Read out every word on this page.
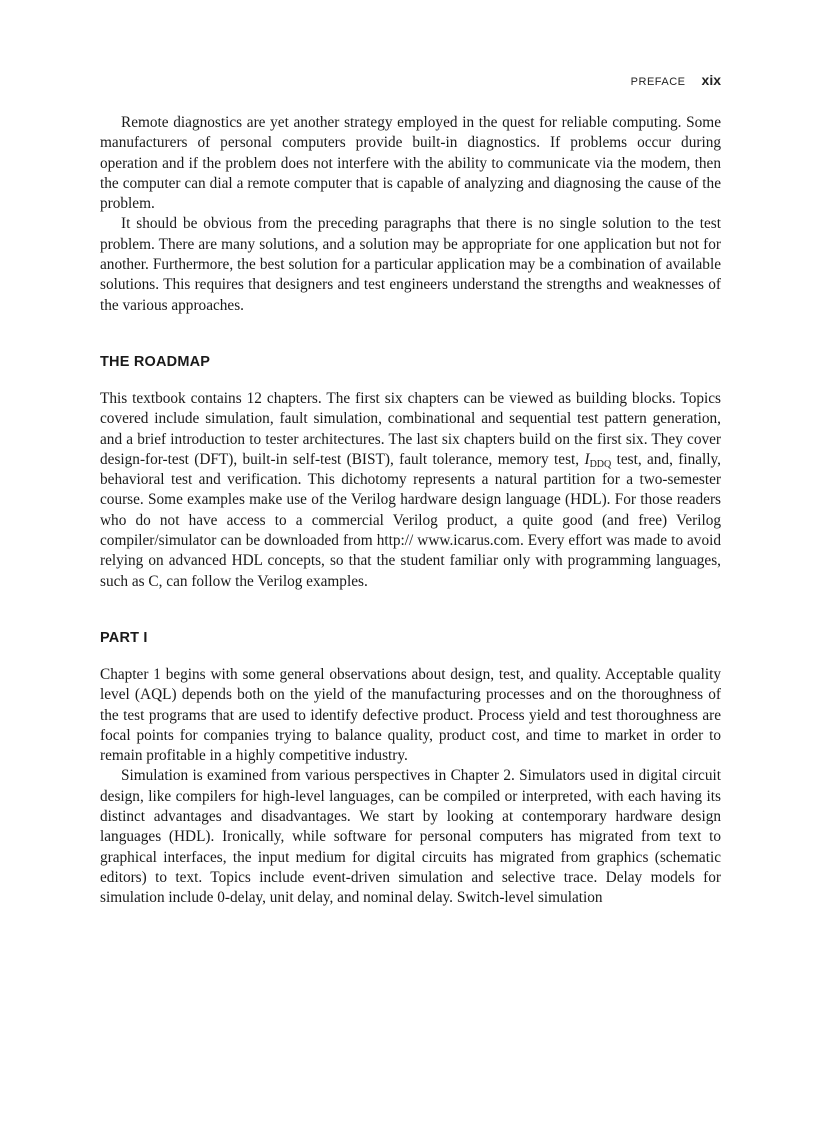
PREFACE xix

Remote diagnostics are yet another strategy employed in the quest for reliable computing. Some manufacturers of personal computers provide built-in diagnostics. If problems occur during operation and if the problem does not interfere with the ability to communicate via the modem, then the computer can dial a remote computer that is capable of analyzing and diagnosing the cause of the problem.

It should be obvious from the preceding paragraphs that there is no single solution to the test problem. There are many solutions, and a solution may be appropriate for one application but not for another. Furthermore, the best solution for a particular application may be a combination of available solutions. This requires that designers and test engineers understand the strengths and weaknesses of the various approaches.

THE ROADMAP

This textbook contains 12 chapters. The first six chapters can be viewed as building blocks. Topics covered include simulation, fault simulation, combinational and sequential test pattern generation, and a brief introduction to tester architectures. The last six chapters build on the first six. They cover design-for-test (DFT), built-in self-test (BIST), fault tolerance, memory test, $I_{DDQ}$ test, and, finally, behavioral test and verification. This dichotomy represents a natural partition for a two-semester course. Some examples make use of the Verilog hardware design language (HDL). For those readers who do not have access to a commercial Verilog product, a quite good (and free) Verilog compiler/simulator can be downloaded from http:// www.icarus.com. Every effort was made to avoid relying on advanced HDL concepts, so that the student familiar only with programming languages, such as C, can follow the Verilog examples.

PART I

Chapter 1 begins with some general observations about design, test, and quality. Acceptable quality level (AQL) depends both on the yield of the manufacturing processes and on the thoroughness of the test programs that are used to identify defective product. Process yield and test thoroughness are focal points for companies trying to balance quality, product cost, and time to market in order to remain profitable in a highly competitive industry.

Simulation is examined from various perspectives in Chapter 2. Simulators used in digital circuit design, like compilers for high-level languages, can be compiled or interpreted, with each having its distinct advantages and disadvantages. We start by looking at contemporary hardware design languages (HDL). Ironically, while software for personal computers has migrated from text to graphical interfaces, the input medium for digital circuits has migrated from graphics (schematic editors) to text. Topics include event-driven simulation and selective trace. Delay models for simulation include 0-delay, unit delay, and nominal delay. Switch-level simulation
